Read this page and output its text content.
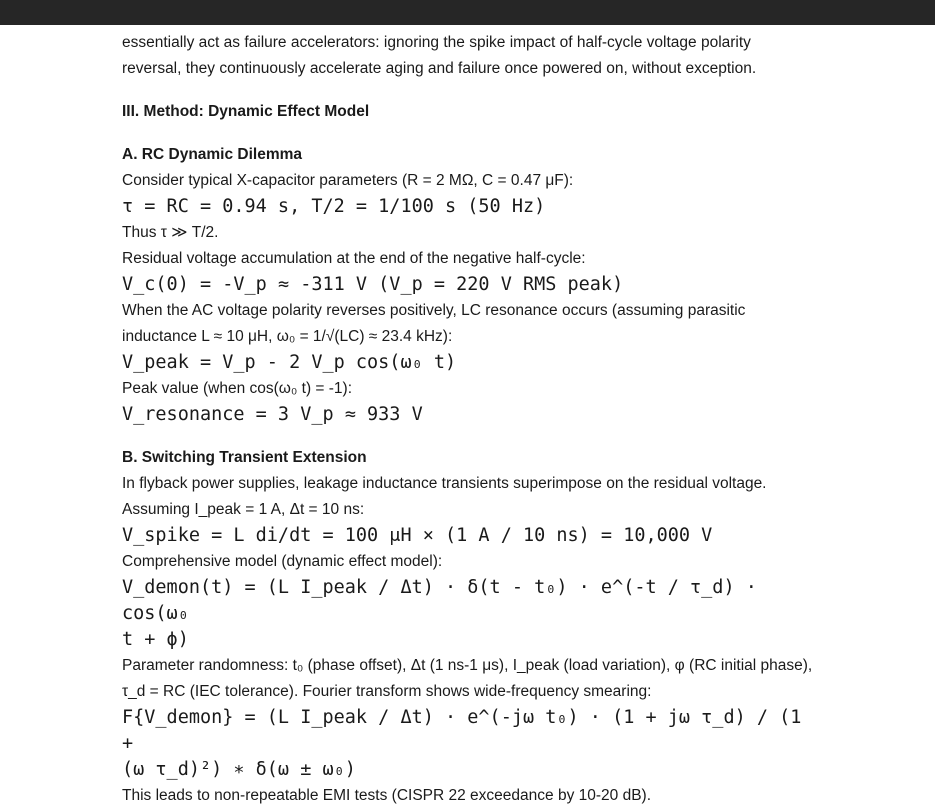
essentially act as failure accelerators: ignoring the spike impact of half-cycle voltage polarity

reversal, they continuously accelerate aging and failure once powered on, without exception.

III. Method: Dynamic Effect Model

A. RC Dynamic Dilemma

Consider typical X-capacitor parameters (R = 2 MΩ, C = 0.47 μF):

τ = RC = 0.94 s, T/2 = 1/100 s (50 Hz)

Thus τ ≫ T/2.

Residual voltage accumulation at the end of the negative half-cycle:

V_c(0) = -V_p ≈ -311 V (V_p = 220 V RMS peak)

When the AC voltage polarity reverses positively, LC resonance occurs (assuming parasitic

inductance L ≈ 10 μH, ω₀ = 1/√(LC) ≈ 23.4 kHz):

V_peak = V_p - 2 V_p cos(ω₀ t)

Peak value (when cos(ω₀ t) = -1):

V_resonance = 3 V_p ≈ 933 V

B. Switching Transient Extension

In flyback power supplies, leakage inductance transients superimpose on the residual voltage.

Assuming I_peak = 1 A, Δt = 10 ns:

V_spike = L di/dt = 100 μH × (1 A / 10 ns) = 10,000 V

Comprehensive model (dynamic effect model):

V_demon(t) = (L I_peak / Δt) · δ(t - t₀) · e^(-t / τ_d) · cos(ω₀

t + ϕ)

Parameter randomness: t₀ (phase offset), Δt (1 ns-1 μs), I_peak (load variation), φ (RC initial phase),

τ_d = RC (IEC tolerance). Fourier transform shows wide-frequency smearing:

F{V_demon} = (L I_peak / Δt) · e^(-jω t₀) · (1 + jω τ_d) / (1 +

(ω τ_d)²) ∗ δ(ω ± ω₀)

This leads to non-repeatable EMI tests (CISPR 22 exceedance by 10-20 dB).
